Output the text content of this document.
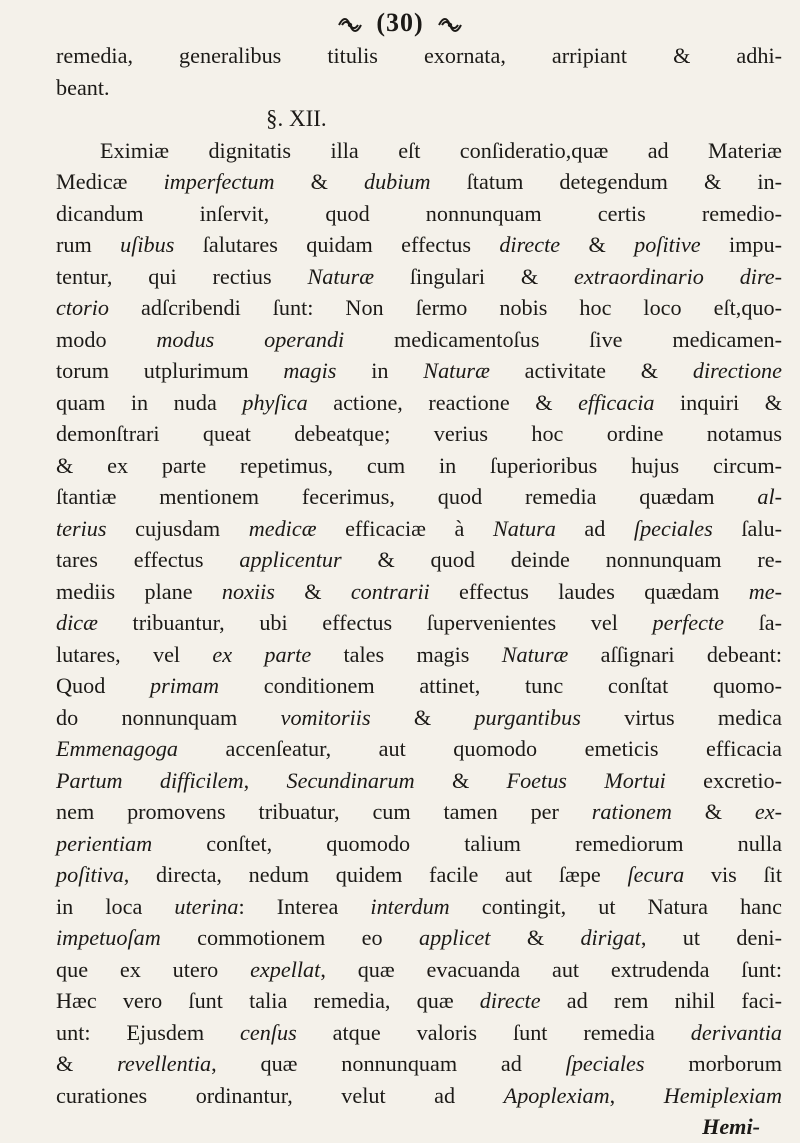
(30)
remedia, generalibus titulis exornata, arripiant & adhi-
beant.
§. XII.
Eximiæ dignitatis illa eſt conſideratio,quæ ad Materiæ
Medicæ imperfectum & dubium ſtatum detegendum & in-
dicandum inſervit, quod nonnunquam certis remedio-
rum uſibus ſalutares quidam effectus directe & poſitive impu-
tentur, qui rectius Naturæ ſingulari & extraordinario dire-
ctorio adſcribendi ſunt: Non ſermo nobis hoc loco eſt,quo-
modo modus operandi medicamentoſus ſive medicamen-
torum utplurimum magis in Naturæ activitate & directione
quam in nuda phyſica actione, reactione & efficacia inquiri &
demonſtrari queat debeatque; verius hoc ordine notamus
& ex parte repetimus, cum in ſuperioribus hujus circum-
ſtantiæ mentionem fecerimus, quod remedia quædam al-
terius cujusdam medicæ efficaciæ à Natura ad ſpeciales ſalu-
tares effectus applicentur & quod deinde nonnunquam re-
mediis plane noxiis & contrarii effectus laudes quædam me-
dicæ tribuantur, ubi effectus ſupervenientes vel perfecte ſa-
lutares, vel ex parte tales magis Naturæ aſſignari debeant:
Quod primam conditionem attinet, tunc conſtat quomo-
do nonnunquam vomitoriis & purgantibus virtus medica
Emmenagoga accenſeatur, aut quomodo emeticis efficacia
Partum difficilem, Secundinarum & Foetus Mortui excretio-
nem promovens tribuatur, cum tamen per rationem & ex-
perientiam conſtet, quomodo talium remediorum nulla
poſitiva, directa, nedum quidem facile aut ſæpe ſecura vis ſit
in loca uterina: Interea interdum contingit, ut Natura hanc
impetuoſam commotionem eo applicet & dirigat, ut deni-
que ex utero expellat, quæ evacuanda aut extrudenda ſunt:
Hæc vero ſunt talia remedia, quæ directe ad rem nihil faci-
unt: Ejusdem cenſus atque valoris ſunt remedia derivantia
& revellentia, quæ nonnunquam ad ſpeciales morborum
curationes ordinantur, velut ad Apoplexiam, Hemiplexiam
Hemi-
